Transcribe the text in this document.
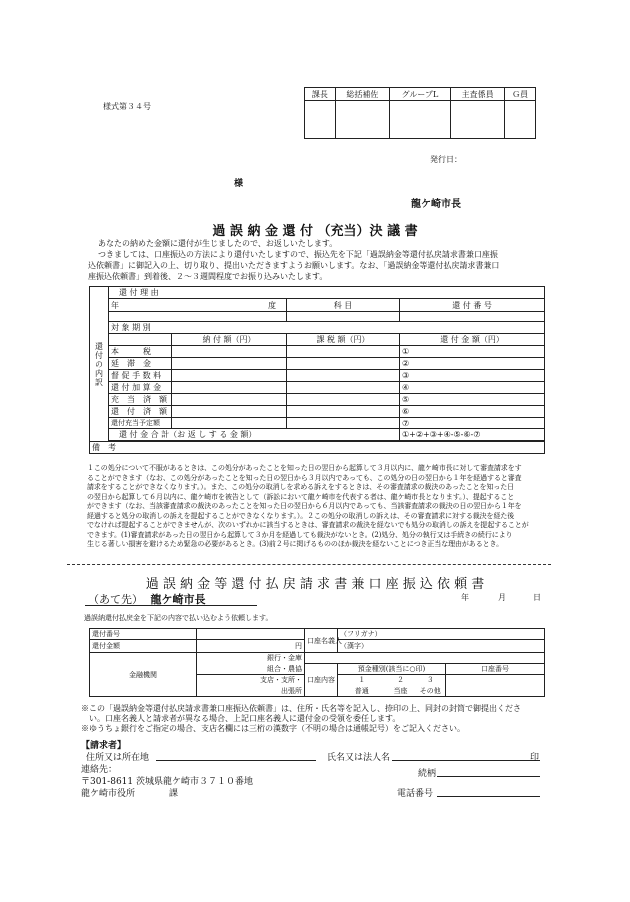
様式第３４号
課長	総括補佐	グループL	主査係員	Ｇ員

発行日：
様
龍ケ崎市長
過 誤 納 金 還 付 （充当）決 議 書
あなたの納めた金額に還付が生じましたので、お返しいたします。
つきましては、口座振込の方法により還付いたしますので、振込先を下記「過誤納金等還付払戻請求書兼口座振
込依頼書」に御記入の上、切り取り、提出いただきますようお願いします。なお、「過誤納金等還付払戻請求書兼口
座振込依頼書」到着後、２～３週間程度でお振り込みいたします。
還付の内訳	還 付 理 由				
	年 度		科 目	還 付 番 号	

	対 象 期 別				
		納 付 額（円）	課 税 額（円）	還 付 金 額（円）	
	本　　　税			①	
	延　滞　金			②	
	督 促 手 数 料			③	
	還 付 加 算 金			④	
	充　当　済　額			⑤	
	還　付　済　額			⑥	
	還付充当予定額			⑦	
	還 付 金 合 計（お 返 し す る 金 額）			①+②+③+④-⑤-⑥-⑦	

備　考					
１この処分について不服があるときは、この処分があったことを知った日の翌日から起算して３月以内に、龍ケ崎市長に対して審査請求をす
ることができます（なお、この処分があったことを知った日の翌日から３月以内であっても、この処分の日の翌日から１年を経過すると審査
請求をすることができなくなります。）。また、この処分の取消しを求める訴えをするときは、その審査請求の裁決のあったことを知った日
の翌日から起算して６月以内に、龍ケ崎市を被告として（訴訟において龍ケ崎市を代表する者は、龍ケ崎市長となります。）、提起すること
ができます（なお、当該審査請求の裁決のあったことを知った日の翌日から６月以内であっても、当該審査請求の裁決の日の翌日から１年を
経過すると処分の取消しの訴えを提起することができなくなります。）。２この処分の取消しの訴えは、その審査請求に対する裁決を経た後
でなければ提起することができませんが、次のいずれかに該当するときは、審査請求の裁決を経ないでも処分の取消しの訴えを提起することが
できます。(1)審査請求があった日の翌日から起算して３か月を経過しても裁決がないとき。(2)処分、処分の執行又は手続きの続行により
生じる著しい損害を避けるため緊急の必要があるとき。(3)前２号に掲げるもののほか裁決を経ないことにつき正当な理由があるとき。
過 誤 納 金 等 還 付 払 戻 請 求 書 兼 口 座 振 込 依 頼 書
（あて先） 龍ケ崎市長	年	月	日
過誤納還付払戻金を下記の内容で払い込むよう依頼します。
還付番号		口座名義人	（フリガナ）			
還付金額	円		（漢字）			
金融機関	銀行・金庫					
	組合・農協	口座内容	預金種別(該当に○印)			口座番号
	支店・支所・		１	２	３	
	出張所		普通	当座	その他	
※この「過誤納金等還付払戻請求書兼口座振込依頼書」は、住所・氏名等を記入し、捺印の上、同封の封筒で御提出くださ
い。口座名義人と請求者が異なる場合、上記口座名義人に還付金の受領を委任します。
※ゆうちょ銀行をご指定の場合、支店名欄には三桁の漢数字（不明の場合は通帳記号）をご記入ください。
【請求者】
住所又は所在地	氏名又は法人名	印
連絡先：	続柄
〒301-8611 茨城県龍ケ崎市３７１０番地
龍ケ崎市役所	課	電話番号
